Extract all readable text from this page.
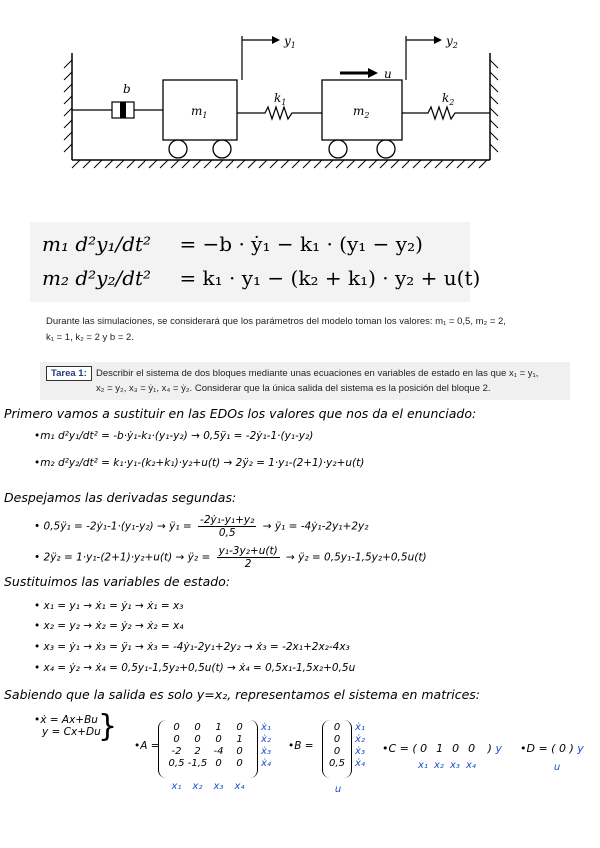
b
$m_1$
$y_1$
$k_1$
$m_2$
u
$y_2$
$k_2$
m₁ d²y₁/dt² = −b · ẏ₁ − k₁ · (y₁ − y₂)
m₂ d²y₂/dt² = k₁ · y₁ − (k₂ + k₁) · y₂ + u(t)
Durante las simulaciones, se considerará que los parámetros del modelo toman los valores: m₁ = 0,5, m₂ = 2,
k₁ = 1, k₂ = 2 y b = 2.
Tarea 1: Describir el sistema de dos bloques mediante unas ecuaciones en variables de estado en las que x₁ = y₁,
x₂ = y₂, x₃ = ẏ₁, x₄ = ẏ₂. Considerar que la única salida del sistema es la posición del bloque 2.
Primero vamos a sustituir en las EDOs los valores que nos da el enunciado:
•m₁ d²y₁/dt² = -b·ẏ₁-k₁·(y₁-y₂) → 0,5ÿ₁ = -2ẏ₁-1·(y₁-y₂)
•m₂ d²y₂/dt² = k₁·y₁-(k₂+k₁)·y₂+u(t) → 2ÿ₂ = 1·y₁-(2+1)·y₂+u(t)
Despejamos las derivadas segundas:
• 0,5ÿ₁ = -2ẏ₁-1·(y₁-y₂) → ÿ₁ = $\frac{\text{-2ẏ₁-y₁+y₂}}{0,5}$ → ÿ₁ = -4ẏ₁-2y₁+2y₂
• 2ÿ₂ = 1·y₁-(2+1)·y₂+u(t) → ÿ₂ = $\frac{\text{y₁-3y₂+u(t)}}{2}$ → ÿ₂ = 0,5y₁-1,5y₂+0,5u(t)
Sustituimos las variables de estado:
• x₁ = y₁ → ẋ₁ = ẏ₁ → ẋ₁ = x₃
• x₂ = y₂ → ẋ₂ = ẏ₂ → ẋ₂ = x₄
• x₃ = ẏ₁ → ẋ₃ = ÿ₁ → ẋ₃ = -4ẏ₁-2y₁+2y₂ → ẋ₃ = -2x₁+2x₂-4x₃
• x₄ = ẏ₂ → ẋ₄ = 0,5y₁-1,5y₂+0,5u(t) → ẋ₄ = 0,5x₁-1,5x₂+0,5u
Sabiendo que la salida es solo y=x₂, representamos el sistema en matrices:
•ẋ = Ax+Bu
y = Cx+Du
}
•A =
0 0 1 0
0 0 0 1
-2 2 -4 0
0,5 -1,5 0 0
ẋ₁
ẋ₂
ẋ₃
ẋ₄
x₁ x₂ x₃ x₄
•B =
0
0
0
0,5
ẋ₁
ẋ₂
ẋ₃
ẋ₄
u
•C = ( 0 1 0 0 ) y
x₁ x₂ x₃ x₄
•D = ( 0 ) y
u
